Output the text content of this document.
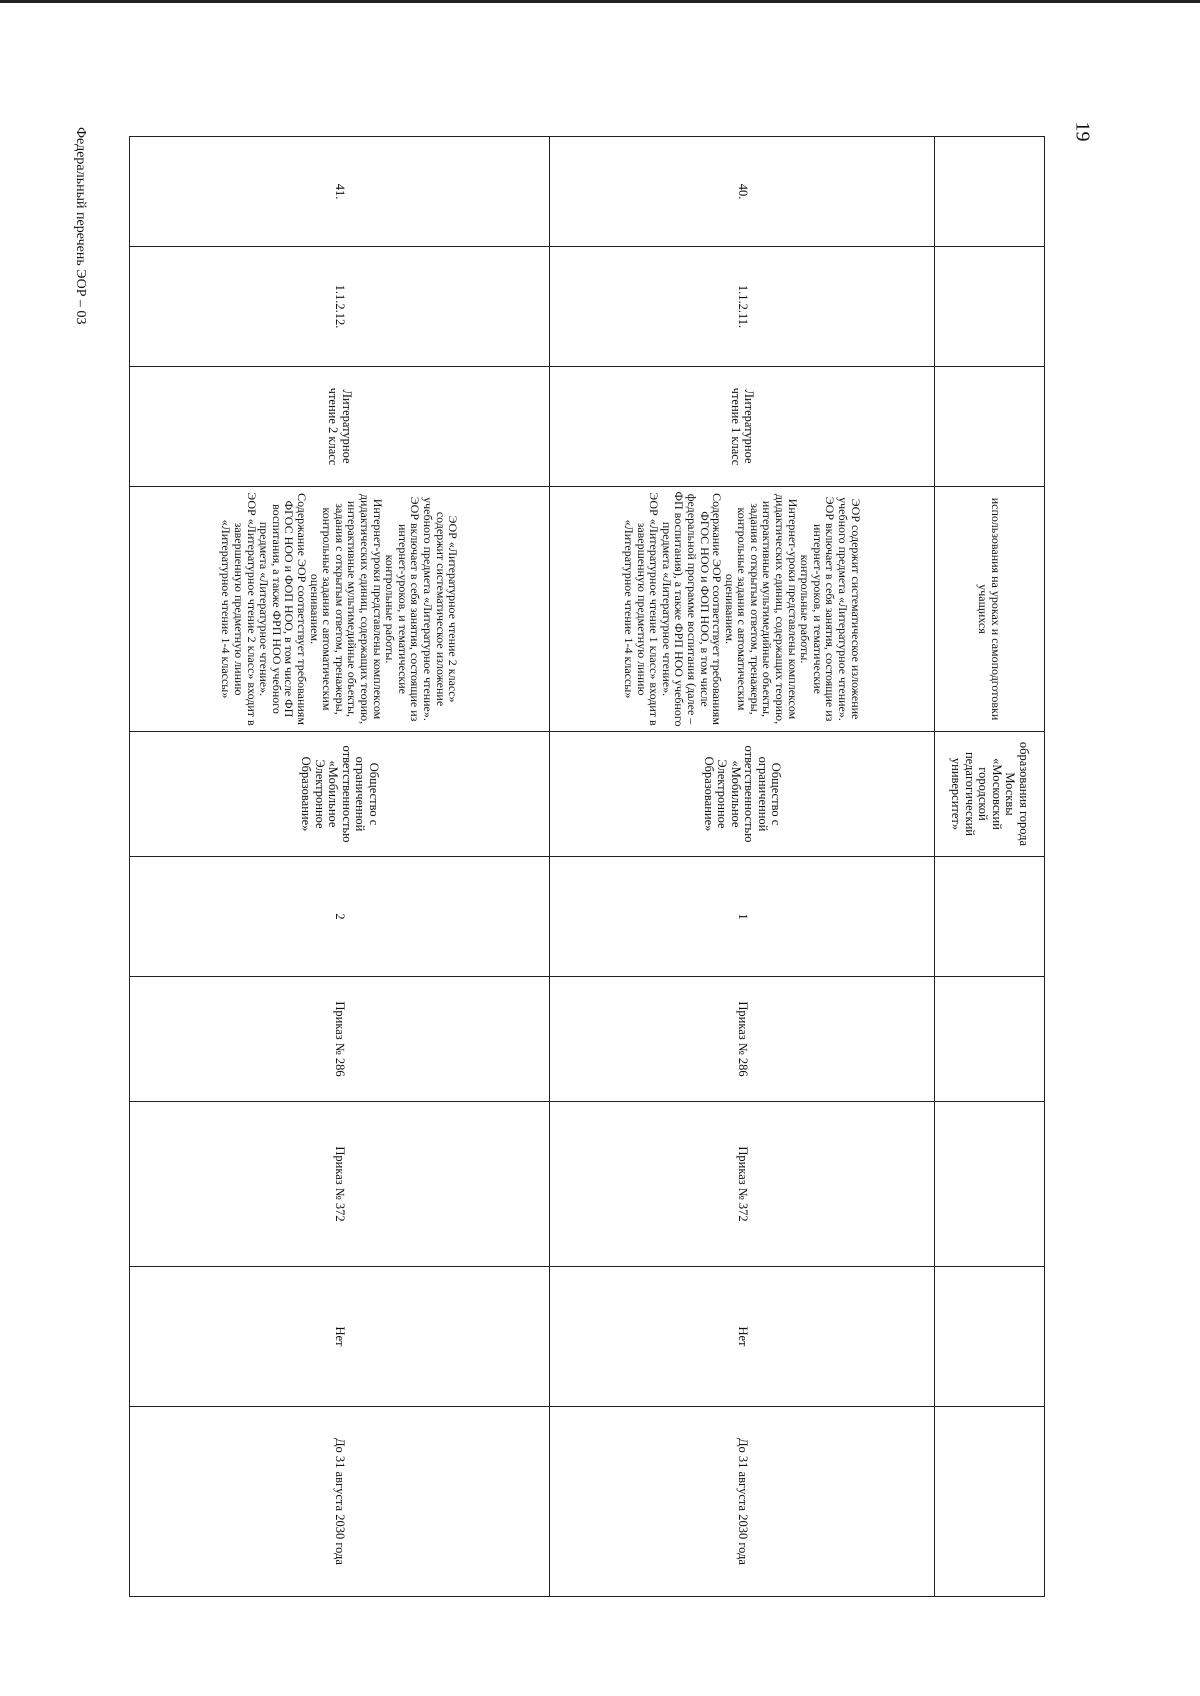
19
Федеральный перечень ЭОР – 03
			использования на уроках и самоподготовки учащихся	образования города Москвы «Московский городской педагогический университет»					
40.	1.1.2.11.	Литературное чтение 1 класс	ЭОР содержит систематическое изложение учебного предмета «Литературное чтение». ЭОР включает в себя занятия, состоящие из интернет-уроков, и тематические контрольные работы.

Интернет-уроки представлены комплексом дидактических единиц, содержащих теорию, интерактивные мультимедийные объекты, задания с открытым ответом, тренажеры, контрольные задания с автоматическим оцениванием.

Содержание ЭОР соответствует требованиям ФГОС НОО и ФОП НОО, в том числе федеральной программе воспитания (далее – ФП воспитания), а также ФРП НОО учебного предмета «Литературное чтение».

ЭОР «Литературное чтение 1 класс» входит в завершенную предметную линию «Литературное чтение 1-4 классы»	Общество с ограниченной ответственностью «Мобильное Электронное Образование»	1	Приказ № 286	Приказ № 372	Нет	До 31 августа 2030 года
41.	1.1.2.12.	Литературное чтение 2 класс	ЭОР «Литературное чтение 2 класс» содержит систематическое изложение учебного предмета «Литературное чтение». ЭОР включает в себя занятия, состоящие из интернет-уроков, и тематические контрольные работы.

Интернет-уроки представлены комплексом дидактических единиц, содержащих теорию, интерактивные мультимедийные объекты, задания с открытым ответом, тренажеры, контрольные задания с автоматическим оцениванием.

Содержание ЭОР соответствует требованиям ФГОС НОО и ФОП НОО, в том числе ФП воспитания, а также ФРП НОО учебного предмета «Литературное чтение».

ЭОР «Литературное чтение 2 класс» входит в завершенную предметную линию «Литературное чтение 1-4 классы»	Общество с ограниченной ответственностью «Мобильное Электронное Образование»	2	Приказ № 286	Приказ № 372	Нет	До 31 августа 2030 года
